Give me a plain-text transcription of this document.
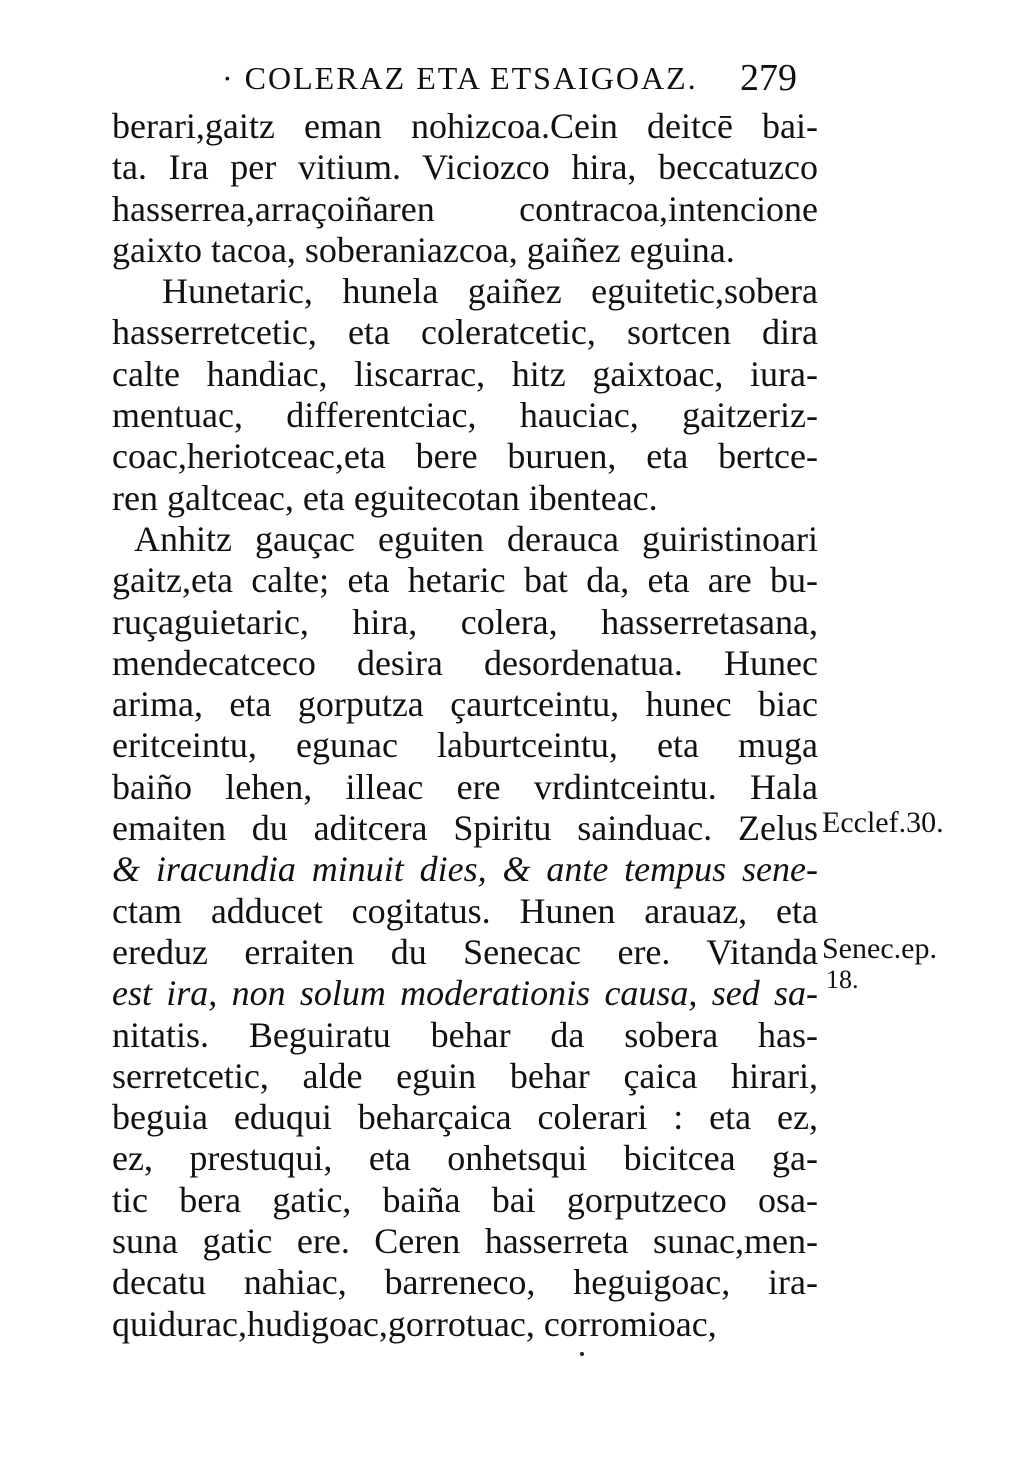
· COLERAZ ETA ETSAIGOAZ. 279
berari,gaitz eman nohizcoa.Cein deitcē bai-
ta. Ira per vitium. Viciozco hira, beccatuzco
hasserrea,arraçoiñaren contracoa,intencione
gaixto tacoa, soberaniazcoa, gaiñez eguina.
Hunetaric, hunela gaiñez eguitetic,sobera
hasserretcetic, eta coleratcetic, sortcen dira
calte handiac, liscarrac, hitz gaixtoac, iura-
mentuac, differentciac, hauciac, gaitzeriz-
coac,heriotceac,eta bere buruen, eta bertce-
ren galtceac, eta eguitecotan ibenteac.
Anhitz gauçac eguiten derauca guiristinoari
gaitz,eta calte; eta hetaric bat da, eta are bu-
ruçaguietaric, hira, colera, hasserretasana,
mendecatceco desira desordenatua. Hunec
arima, eta gorputza çaurtceintu, hunec biac
eritceintu, egunac laburtceintu, eta muga
baiño lehen, illeac ere vrdintceintu. Hala
emaiten du aditcera Spiritu sainduac. Zelus
& iracundia minuit dies, & ante tempus sene-
ctam adducet cogitatus. Hunen arauaz, eta
ereduz erraiten du Senecac ere. Vitanda
est ira, non solum moderationis causa, sed sa-
nitatis. Beguiratu behar da sobera has-
serretcetic, alde eguin behar çaica hirari,
beguia eduqui beharçaica colerari : eta ez,
ez, prestuqui, eta onhetsqui bicitcea ga-
tic bera gatic, baiña bai gorputzeco osa-
suna gatic ere. Ceren hasserreta sunac,men-
decatu nahiac, barreneco, heguigoac, ira-
quidurac,hudigoac,gorrotuac, corromioac,
Ecclef.30.
Senec.ep.
18.
